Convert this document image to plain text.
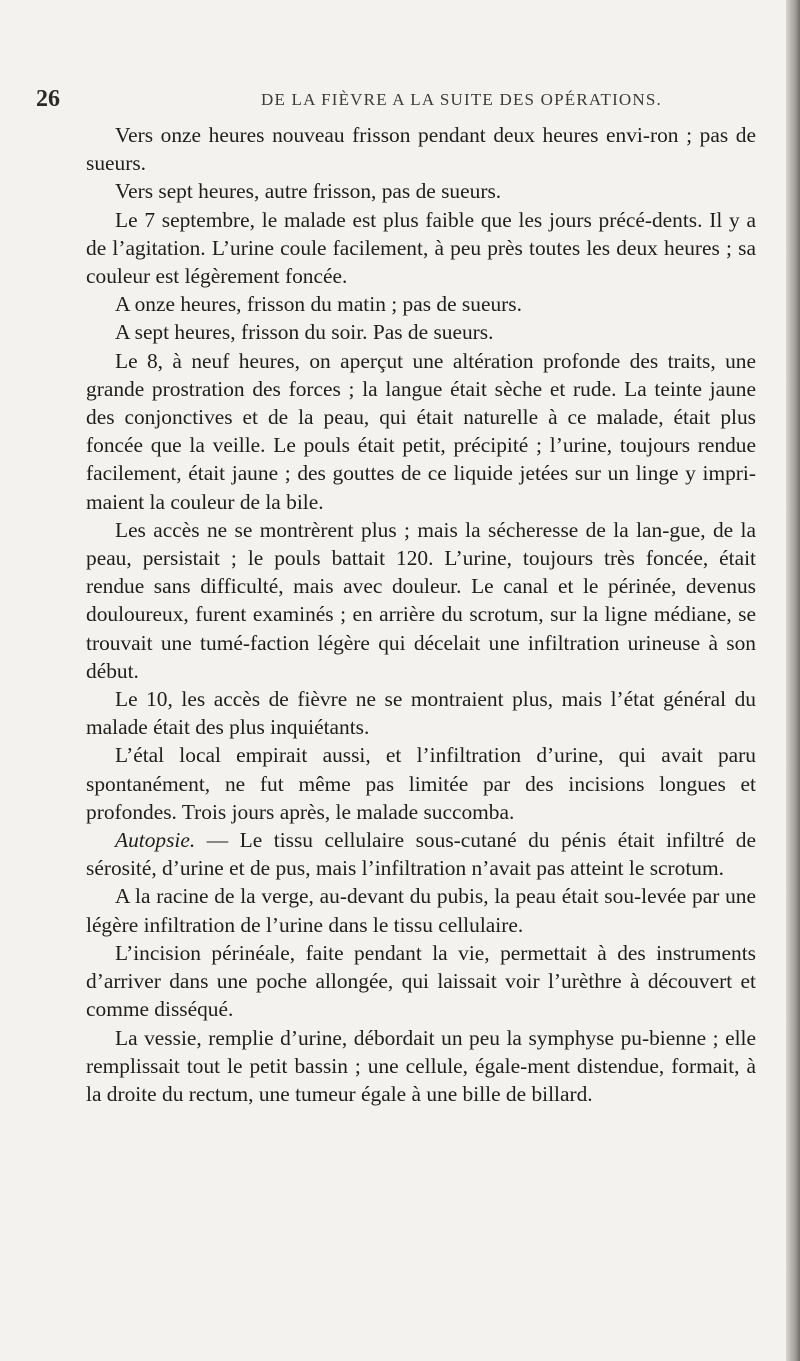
26	DE LA FIÈVRE A LA SUITE DES OPÉRATIONS.

Vers onze heures nouveau frisson pendant deux heures envi-ron ; pas de sueurs.

Vers sept heures, autre frisson, pas de sueurs.

Le 7 septembre, le malade est plus faible que les jours précé-dents. Il y a de l’agitation. L’urine coule facilement, à peu près toutes les deux heures ; sa couleur est légèrement foncée.

A onze heures, frisson du matin ; pas de sueurs.

A sept heures, frisson du soir. Pas de sueurs.

Le 8, à neuf heures, on aperçut une altération profonde des traits, une grande prostration des forces ; la langue était sèche et rude. La teinte jaune des conjonctives et de la peau, qui était naturelle à ce malade, était plus foncée que la veille. Le pouls était petit, précipité ; l’urine, toujours rendue facilement, était jaune ; des gouttes de ce liquide jetées sur un linge y impri-maient la couleur de la bile.

Les accès ne se montrèrent plus ; mais la sécheresse de la lan-gue, de la peau, persistait ; le pouls battait 120. L’urine, toujours très foncée, était rendue sans difficulté, mais avec douleur. Le canal et le périnée, devenus douloureux, furent examinés ; en arrière du scrotum, sur la ligne médiane, se trouvait une tumé-faction légère qui décelait une infiltration urineuse à son début.

Le 10, les accès de fièvre ne se montraient plus, mais l’état général du malade était des plus inquiétants.

L’étal local empirait aussi, et l’infiltration d’urine, qui avait paru spontanément, ne fut même pas limitée par des incisions longues et profondes. Trois jours après, le malade succomba.

Autopsie. — Le tissu cellulaire sous-cutané du pénis était infiltré de sérosité, d’urine et de pus, mais l’infiltration n’avait pas atteint le scrotum.

A la racine de la verge, au-devant du pubis, la peau était sou-levée par une légère infiltration de l’urine dans le tissu cellulaire.

L’incision périnéale, faite pendant la vie, permettait à des instruments d’arriver dans une poche allongée, qui laissait voir l’urèthre à découvert et comme disséqué.

La vessie, remplie d’urine, débordait un peu la symphyse pu-bienne ; elle remplissait tout le petit bassin ; une cellule, égale-ment distendue, formait, à la droite du rectum, une tumeur égale à une bille de billard.
